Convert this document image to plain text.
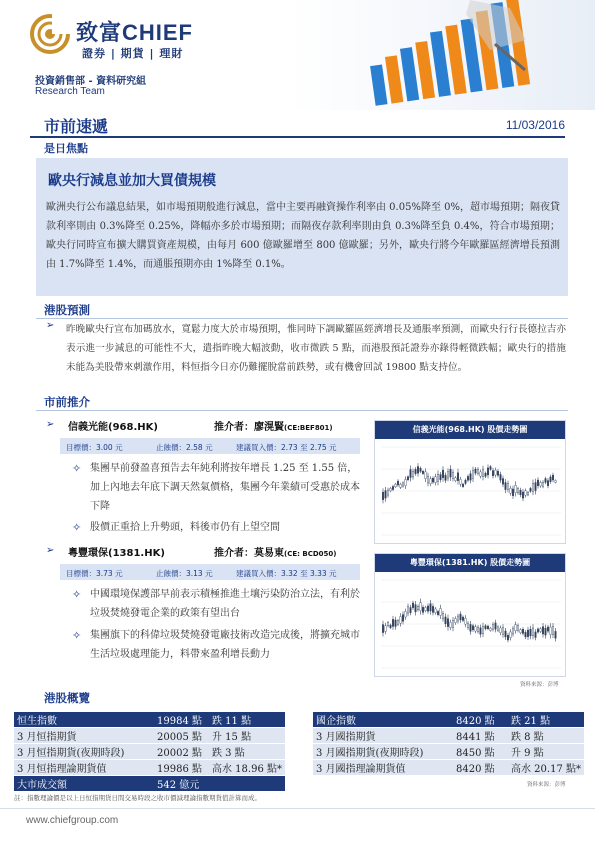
致富CHIEF
證券 | 期貨 | 理財
投資銷售部 - 資料研究組
Research Team
市前速遞	11/03/2016
是日焦點
歐央行減息並加大買債規模
歐洲央行公布議息結果，如市場預期般進行減息，當中主要再融資操作利率由 0.05%降至 0%，超市場預期；隔夜貸款利率則由 0.3%降至 0.25%，降幅亦多於市場預期；而隔夜存款利率則由負 0.3%降至負 0.4%，符合市場預期；歐央行同時宣布擴大購買資產規模，由每月 600 億歐羅增至 800 億歐羅；另外，歐央行將今年歐羅區經濟增長預測由 1.7%降至 1.4%，而通脹預期亦由 1%降至 0.1%。
港股預測
➢ 昨晚歐央行宣布加碼放水，寬鬆力度大於市場預期，惟同時下調歐羅區經濟增長及通脹率預測，而歐央行行長德拉吉亦表示進一步減息的可能性不大，遣指昨晚大幅波動，收市微跌 5 點，而港股預託證券亦錄得輕微跌幅；歐央行的措施未能為美股帶來刺激作用，料恒指今日亦仍難擺脫當前跌勢，或有機會回試 19800 點支持位。
市前推介
➢ 信義光能(968.HK)	推介者：廖滉賢(CE:BEF801)
目標價：3.00 元	止蝕價：2.58 元	建議買入價：2.73 至 2.75 元
✧ 集團早前發盈喜預告去年純利將按年增長 1.25 至 1.55 倍，加上內地去年底下調天然氣價格，集團今年業績可受惠於成本下降
✧ 股價正重拾上升勢頭，料後市仍有上望空間
➢ 粵豐環保(1381.HK)	推介者：莫易東(CE: BCD050)
目標價：3.73 元	止蝕價：3.13 元	建議買入價：3.32 至 3.33 元
✧ 中國環境保護部早前表示積極推進土壤污染防治立法，有利於垃圾焚燒發電企業的政策有望出台
✧ 集團旗下的科偉垃圾焚燒發電廠技術改造完成後，將擴充城市生活垃圾處理能力，料帶來盈利增長動力
信義光能(968.HK) 股價走勢圖
粵豐環保(1381.HK) 股價走勢圖
資料來源：彭博
港股概覽
恒生指數	19984 點	跌 11 點
3 月恒指期貨	20005 點	升 15 點
3 月恒指期貨(夜期時段)	20002 點	跌 3 點
3 月恒指理論期貨值	19986 點	高水 18.96 點*
大市成交額	542 億元	
國企指數	8420 點	跌 21 點
3 月國指期貨	8441 點	跌 8 點
3 月國指期貨(夜期時段)	8450 點	升 9 點
3 月國指理論期貨值	8420 點	高水 20.17 點*
資料來源：彭博
註：指數理論價是以上日恒指期貨日間交易時段之收市價減理論指數期貨值計算而成。
www.chiefgroup.com
